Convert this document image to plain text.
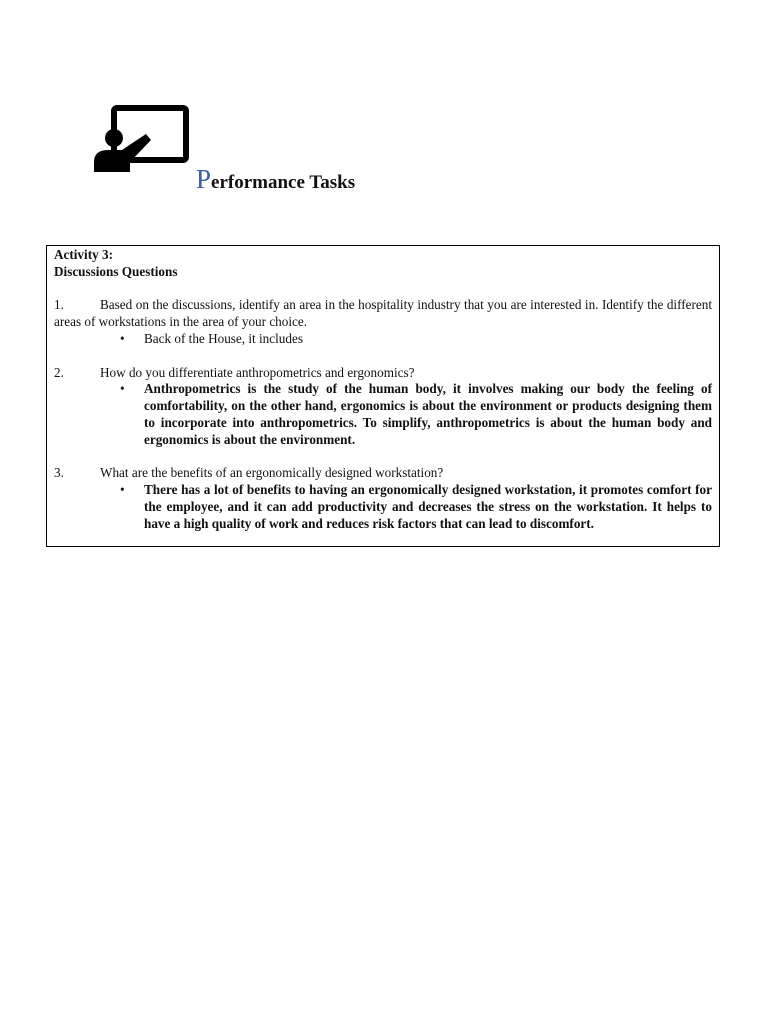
Performance Tasks
Activity 3:
Discussions Questions
1.	Based on the discussions, identify an area in the hospitality industry that you are interested in. Identify the different areas of workstations in the area of your choice.
• Back of the House, it includes
2.	How do you differentiate anthropometrics and ergonomics?
• Anthropometrics is the study of the human body, it involves making our body the feeling of comfortability, on the other hand, ergonomics is about the environment or products designing them to incorporate into anthropometrics. To simplify, anthropometrics is about the human body and ergonomics is about the environment.
3.	What are the benefits of an ergonomically designed workstation?
• There has a lot of benefits to having an ergonomically designed workstation, it promotes comfort for the employee, and it can add productivity and decreases the stress on the workstation. It helps to have a high quality of work and reduces risk factors that can lead to discomfort.
